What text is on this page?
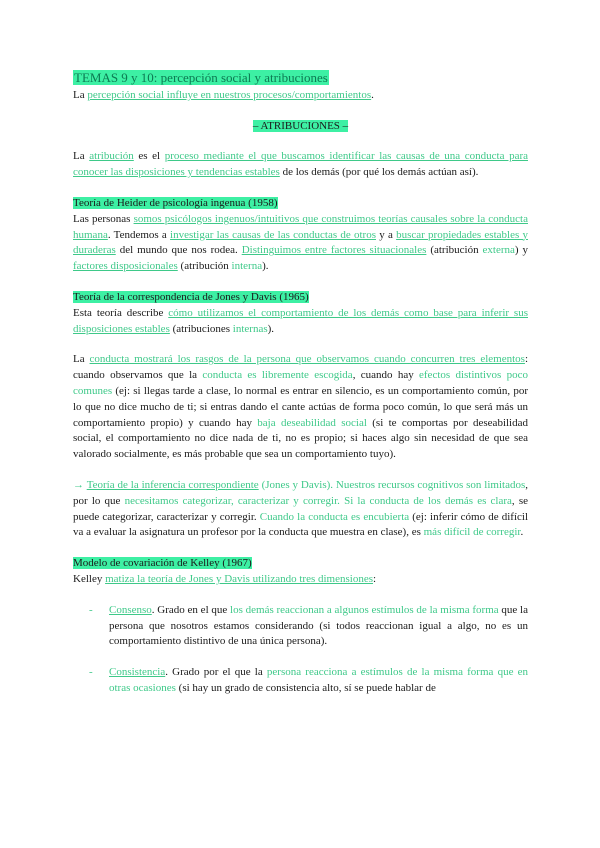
TEMAS 9 y 10: percepción social y atribuciones

La percepción social influye en nuestros procesos/comportamientos.

– ATRIBUCIONES –

La atribución es el proceso mediante el que buscamos identificar las causas de una conducta para conocer las disposiciones y tendencias estables de los demás (por qué los demás actúan así).

Teoría de Heider de psicología ingenua (1958)

Las personas somos psicólogos ingenuos/intuitivos que construimos teorías causales sobre la conducta humana. Tendemos a investigar las causas de las conductas de otros y a buscar propiedades estables y duraderas del mundo que nos rodea. Distinguimos entre factores situacionales (atribución externa) y factores disposicionales (atribución interna).

Teoría de la correspondencia de Jones y Davis (1965)

Esta teoría describe cómo utilizamos el comportamiento de los demás como base para inferir sus disposiciones estables (atribuciones internas).

La conducta mostrará los rasgos de la persona que observamos cuando concurren tres elementos: cuando observamos que la conducta es libremente escogida, cuando hay efectos distintivos poco comunes (ej: si llegas tarde a clase, lo normal es entrar en silencio, es un comportamiento común, por lo que no dice mucho de ti; si entras dando el cante actúas de forma poco común, lo que será más un comportamiento propio) y cuando hay baja deseabilidad social (si te comportas por deseabilidad social, el comportamiento no dice nada de ti, no es propio; si haces algo sin necesidad de que sea valorado socialmente, es más probable que sea un comportamiento tuyo).

→ Teoría de la inferencia correspondiente (Jones y Davis). Nuestros recursos cognitivos son limitados, por lo que necesitamos categorizar, caracterizar y corregir. Si la conducta de los demás es clara, se puede categorizar, caracterizar y corregir. Cuando la conducta es encubierta (ej: inferir cómo de difícil va a evaluar la asignatura un profesor por la conducta que muestra en clase), es más difícil de corregir.

Modelo de covariación de Kelley (1967)

Kelley matiza la teoría de Jones y Davis utilizando tres dimensiones:

- Consenso. Grado en el que los demás reaccionan a algunos estímulos de la misma forma que la persona que nosotros estamos considerando (si todos reaccionan igual a algo, no es un comportamiento distintivo de una única persona).

- Consistencia. Grado por el que la persona reacciona a estímulos de la misma forma que en otras ocasiones (si hay un grado de consistencia alto, sí se puede hablar de
